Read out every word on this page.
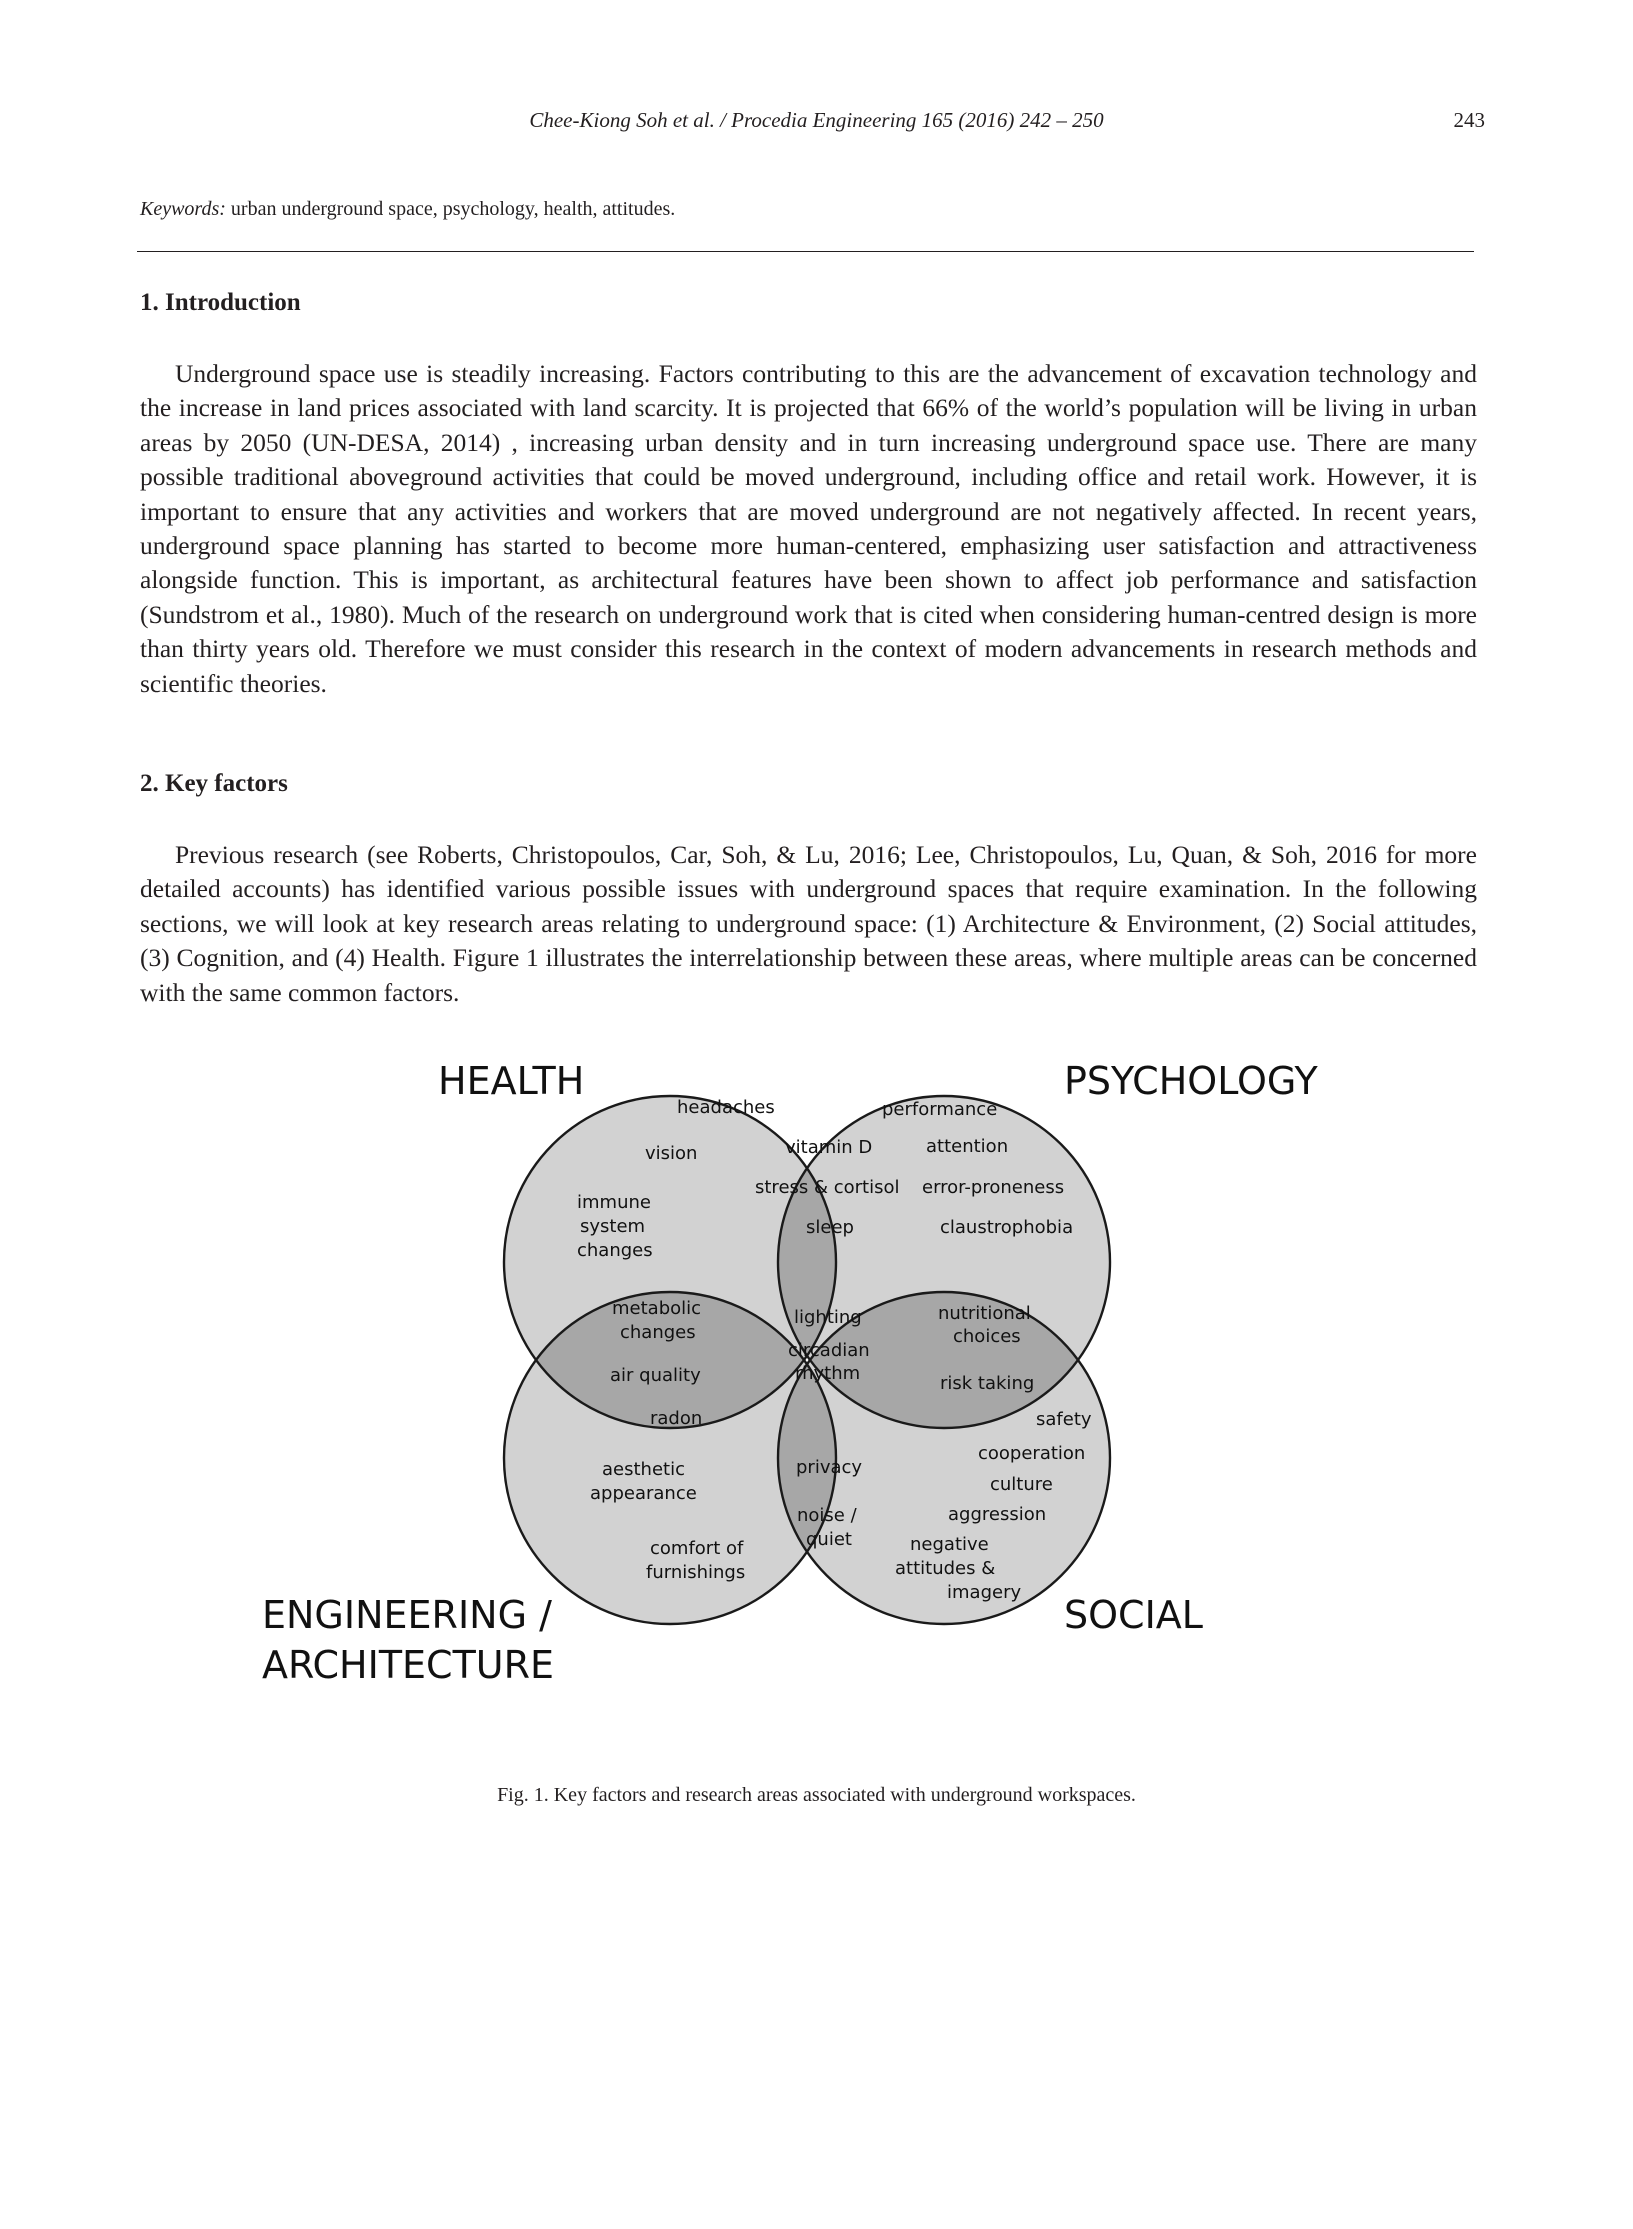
Chee-Kiong Soh et al. / Procedia Engineering 165 (2016) 242 – 250	243
Keywords: urban underground space, psychology, health, attitudes.
1. Introduction

Underground space use is steadily increasing. Factors contributing to this are the advancement of excavation technology and the increase in land prices associated with land scarcity. It is projected that 66% of the world’s population will be living in urban areas by 2050 (UN-DESA, 2014) , increasing urban density and in turn increasing underground space use. There are many possible traditional aboveground activities that could be moved underground, including office and retail work. However, it is important to ensure that any activities and workers that are moved underground are not negatively affected. In recent years, underground space planning has started to become more human-centered, emphasizing user satisfaction and attractiveness alongside function. This is important, as architectural features have been shown to affect job performance and satisfaction (Sundstrom et al., 1980). Much of the research on underground work that is cited when considering human-centred design is more than thirty years old. Therefore we must consider this research in the context of modern advancements in research methods and scientific theories.

2. Key factors

Previous research (see Roberts, Christopoulos, Car, Soh, & Lu, 2016; Lee, Christopoulos, Lu, Quan, & Soh, 2016 for more detailed accounts) has identified various possible issues with underground spaces that require examination. In the following sections, we will look at key research areas relating to underground space: (1) Architecture & Environment, (2) Social attitudes, (3) Cognition, and (4) Health. Figure 1 illustrates the interrelationship between these areas, where multiple areas can be concerned with the same common factors.

HEALTH	PSYCHOLOGY
ENGINEERING /
ARCHITECTURE
SOCIAL
headaches
vision
immune
system
changes
vitamin D
stress & cortisol
sleep
performance
attention
error-proneness
claustrophobia
metabolic
changes
air quality
radon
lighting
circadian
rhythm
nutritional
choices
risk taking
safety
aesthetic
appearance
comfort of
furnishings
privacy
noise /
quiet
cooperation
culture
aggression
negative
attitudes &
imagery
Fig. 1. Key factors and research areas associated with underground workspaces.
